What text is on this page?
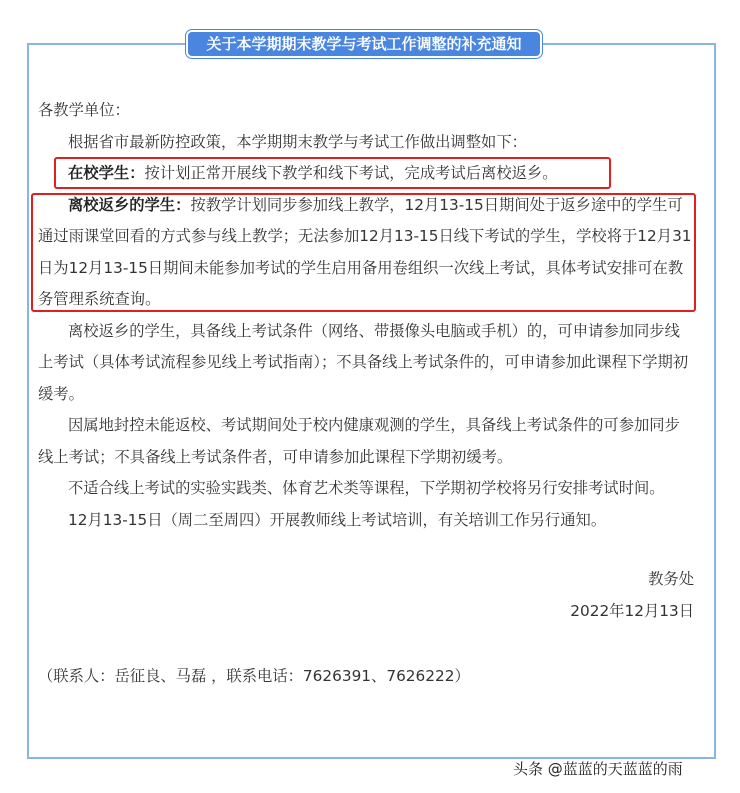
关于本学期期末教学与考试工作调整的补充通知

各教学单位：

根据省市最新防控政策，本学期期末教学与考试工作做出调整如下：

在校学生：按计划正常开展线下教学和线下考试，完成考试后离校返乡。

离校返乡的学生：按教学计划同步参加线上教学，12月13-15日期间处于返乡途中的学生可通过雨课堂回看的方式参与线上教学；无法参加12月13-15日线下考试的学生，学校将于12月31日为12月13-15日期间未能参加考试的学生启用备用卷组织一次线上考试，具体考试安排可在教务管理系统查询。

离校返乡的学生，具备线上考试条件（网络、带摄像头电脑或手机）的，可申请参加同步线上考试（具体考试流程参见线上考试指南）；不具备线上考试条件的，可申请参加此课程下学期初缓考。

因属地封控未能返校、考试期间处于校内健康观测的学生，具备线上考试条件的可参加同步线上考试；不具备线上考试条件者，可申请参加此课程下学期初缓考。

不适合线上考试的实验实践类、体育艺术类等课程，下学期初学校将另行安排考试时间。

12月13-15日（周二至周四）开展教师线上考试培训，有关培训工作另行通知。

教务处

2022年12月13日

（联系人：岳征良、马磊 ，联系电话：7626391、7626222）

头条 @蓝蓝的天蓝蓝的雨
